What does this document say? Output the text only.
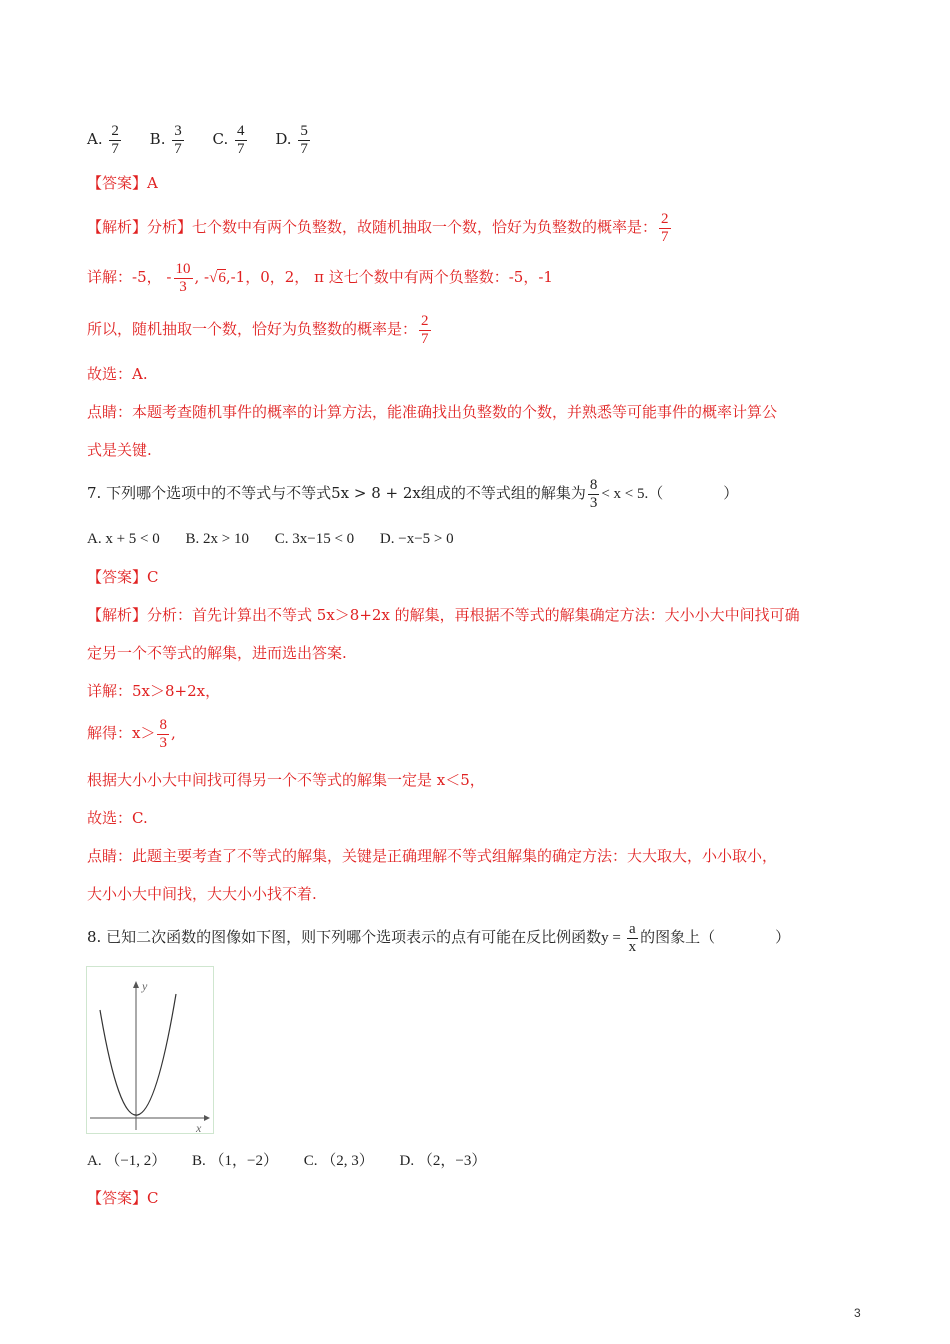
A. $\frac{2}{7} B$. $\frac{3}{7} C$. $\frac{4}{7} D$. $\frac{5}{7}$
【答案】A
【解析】分析】七个数中有两个负整数，故随机抽取一个数，恰好为负整数的概率是： $\frac{2}{7}$
详解：-5， - $\frac{10}{3}$ , -√6,-1，0，2， π 这七个数中有两个负整数：-5，-1
所以，随机抽取一个数，恰好为负整数的概率是： $\frac{2}{7}$
故选：A.
点睛：本题考查随机事件的概率的计算方法，能准确找出负整数的个数，并熟悉等可能事件的概率计算公
式是关键.
7. 下列哪个选项中的不等式与不等式5x > 8 + 2x组成的不等式组的解集为 $\frac{8}{3} < x < 5$.（	）
A. x + 5 < 0 B. 2x > 10 C. 3x−15 < 0 D. −x−5 > 0
【答案】C
【解析】分析：首先计算出不等式 5x＞8+2x 的解集，再根据不等式的解集确定方法：大小小大中间找可确
定另一个不等式的解集，进而选出答案.
详解：5x＞8+2x，
解得：$x> \frac{8}{3}$ ,
根据大小小大中间找可得另一个不等式的解集一定是 x＜5，
故选：C.
点睛：此题主要考查了不等式的解集，关键是正确理解不等式组解集的确定方法：大大取大，小小取小，
大小小大中间找，大大小小找不着.
8. 已知二次函数的图像如下图，则下列哪个选项表示的点有可能在反比例函数$y = \frac{a}{x}$ 的图象上（	）
y
x
A. （−1, 2） B. （1，−2） C. （2, 3） D. （2，−3）
【答案】C
3
